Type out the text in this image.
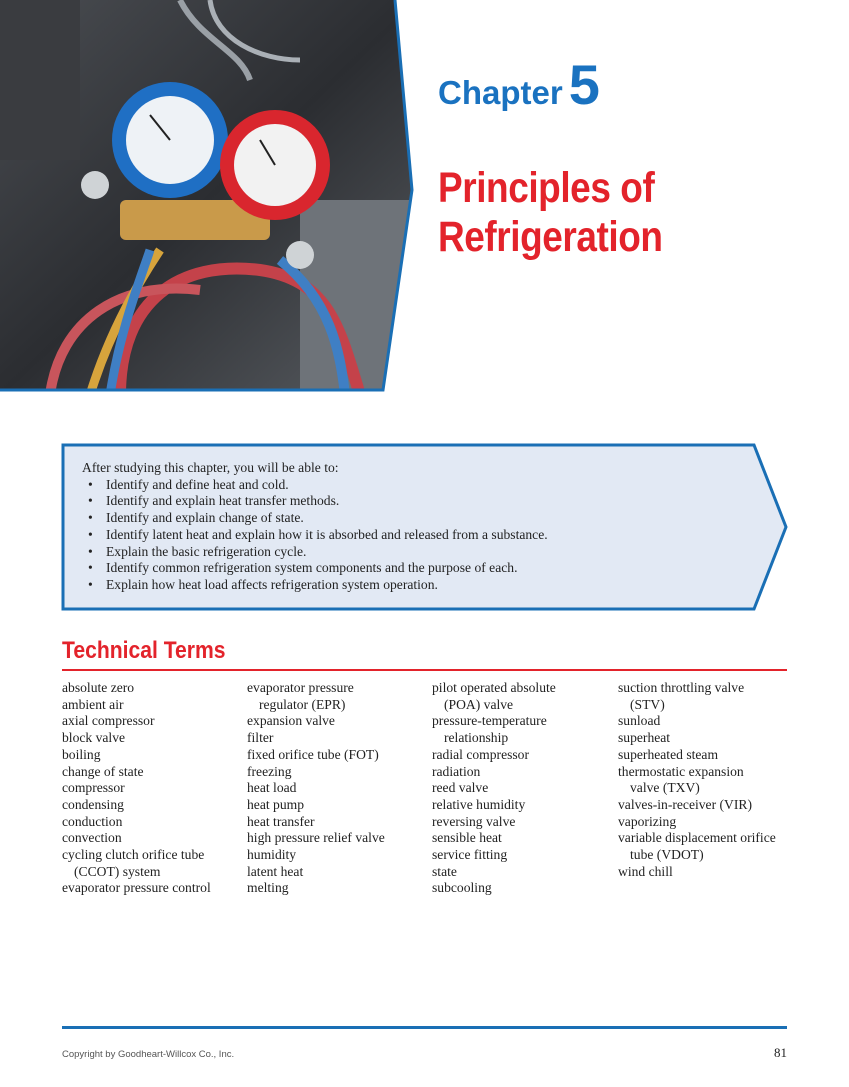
Chapter 5
Principles of
Refrigeration
After studying this chapter, you will be able to:
• Identify and define heat and cold.
• Identify and explain heat transfer methods.
• Identify and explain change of state.
• Identify latent heat and explain how it is absorbed and released from a substance.
• Explain the basic refrigeration cycle.
• Identify common refrigeration system components and the purpose of each.
• Explain how heat load affects refrigeration system operation.
Technical Terms
absolute zero
ambient air
axial compressor
block valve
boiling
change of state
compressor
condensing
conduction
convection
cycling clutch orifice tube
(CCOT) system
evaporator pressure control
evaporator pressure
regulator (EPR)
expansion valve
filter
fixed orifice tube (FOT)
freezing
heat load
heat pump
heat transfer
high pressure relief valve
humidity
latent heat
melting
pilot operated absolute
(POA) valve
pressure-temperature
relationship
radial compressor
radiation
reed valve
relative humidity
reversing valve
sensible heat
service fitting
state
subcooling
suction throttling valve
(STV)
sunload
superheat
superheated steam
thermostatic expansion
valve (TXV)
valves-in-receiver (VIR)
vaporizing
variable displacement orifice
tube (VDOT)
wind chill
Copyright by Goodheart-Willcox Co., Inc.	81
